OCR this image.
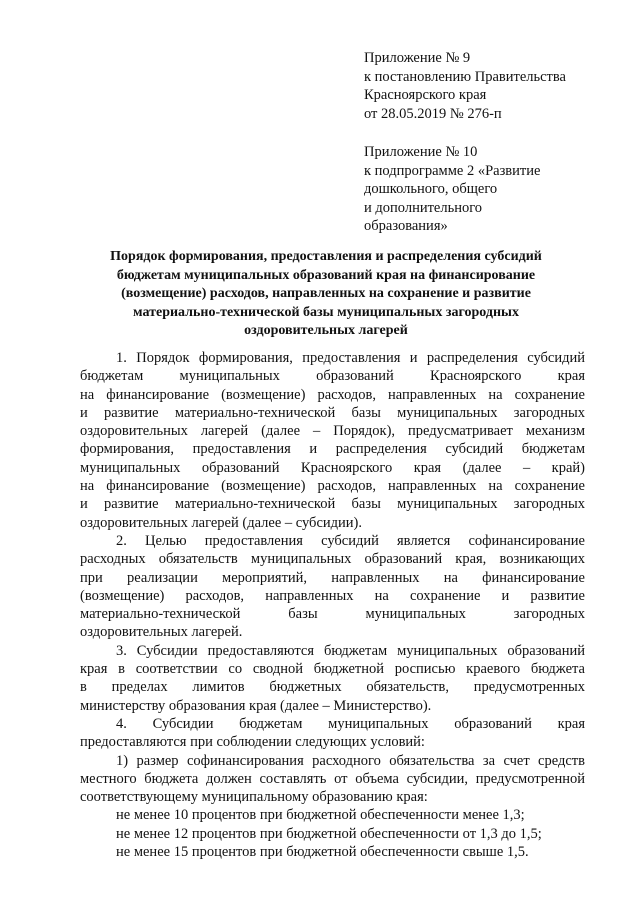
Приложение № 9
к постановлению Правительства
Красноярского края
от 28.05.2019 № 276-п
Приложение № 10
к подпрограмме 2 «Развитие
дошкольного, общего
и дополнительного
образования»
Порядок формирования, предоставления и распределения субсидий
бюджетам муниципальных образований края на финансирование
(возмещение) расходов, направленных на сохранение и развитие
материально-технической базы муниципальных загородных
оздоровительных лагерей
1. Порядок формирования, предоставления и распределения субсидий
бюджетам муниципальных образований Красноярского края
на финансирование (возмещение) расходов, направленных на сохранение
и развитие материально-технической базы муниципальных загородных
оздоровительных лагерей (далее – Порядок), предусматривает механизм
формирования, предоставления и распределения субсидий бюджетам
муниципальных образований Красноярского края (далее – край)
на финансирование (возмещение) расходов, направленных на сохранение
и развитие материально-технической базы муниципальных загородных
оздоровительных лагерей (далее – субсидии).
2. Целью предоставления субсидий является софинансирование
расходных обязательств муниципальных образований края, возникающих
при реализации мероприятий, направленных на финансирование
(возмещение) расходов, направленных на сохранение и развитие
материально-технической базы муниципальных загородных
оздоровительных лагерей.
3. Субсидии предоставляются бюджетам муниципальных образований
края в соответствии со сводной бюджетной росписью краевого бюджета
в пределах лимитов бюджетных обязательств, предусмотренных
министерству образования края (далее – Министерство).
4. Субсидии бюджетам муниципальных образований края
предоставляются при соблюдении следующих условий:
1) размер софинансирования расходного обязательства за счет средств
местного бюджета должен составлять от объема субсидии, предусмотренной
соответствующему муниципальному образованию края:
не менее 10 процентов при бюджетной обеспеченности менее 1,3;
не менее 12 процентов при бюджетной обеспеченности от 1,3 до 1,5;
не менее 15 процентов при бюджетной обеспеченности свыше 1,5.
